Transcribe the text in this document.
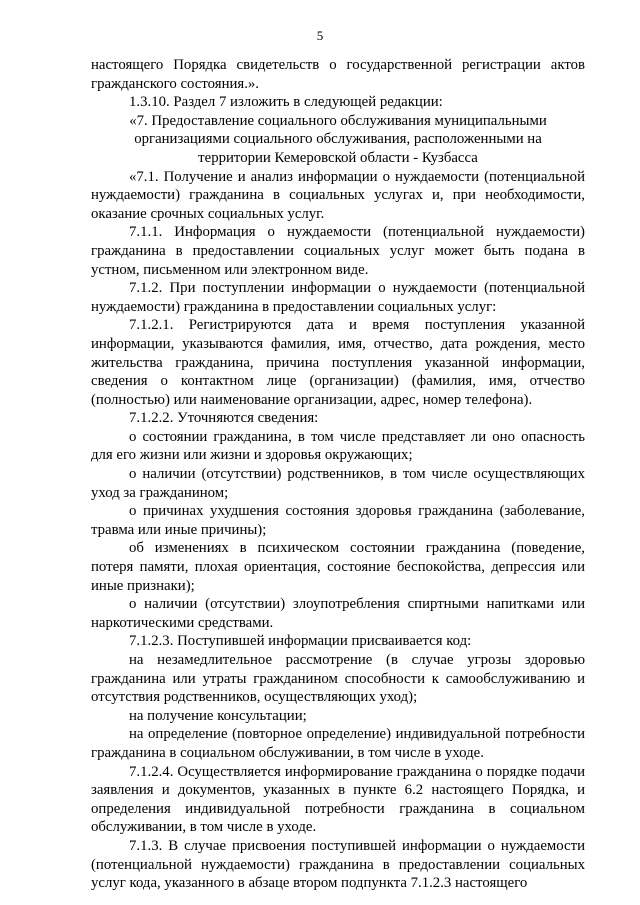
5

настоящего Порядка свидетельств о государственной регистрации актов гражданского состояния.».

1.3.10. Раздел 7 изложить в следующей редакции:

«7. Предоставление социального обслуживания муниципальными организациями социального обслуживания, расположенными на территории Кемеровской области - Кузбасса

«7.1. Получение и анализ информации о нуждаемости (потенциальной нуждаемости) гражданина в социальных услугах и, при необходимости, оказание срочных социальных услуг.

7.1.1. Информация о нуждаемости (потенциальной нуждаемости) гражданина в предоставлении социальных услуг может быть подана в устном, письменном или электронном виде.

7.1.2. При поступлении информации о нуждаемости (потенциальной нуждаемости) гражданина в предоставлении социальных услуг:

7.1.2.1. Регистрируются дата и время поступления указанной информации, указываются фамилия, имя, отчество, дата рождения, место жительства гражданина, причина поступления указанной информации, сведения о контактном лице (организации) (фамилия, имя, отчество (полностью) или наименование организации, адрес, номер телефона).

7.1.2.2. Уточняются сведения:

о состоянии гражданина, в том числе представляет ли оно опасность для его жизни или жизни и здоровья окружающих;

о наличии (отсутствии) родственников, в том числе осуществляющих уход за гражданином;

о причинах ухудшения состояния здоровья гражданина (заболевание, травма или иные причины);

об изменениях в психическом состоянии гражданина (поведение, потеря памяти, плохая ориентация, состояние беспокойства, депрессия или иные признаки);

о наличии (отсутствии) злоупотребления спиртными напитками или наркотическими средствами.

7.1.2.3. Поступившей информации присваивается код:

на незамедлительное рассмотрение (в случае угрозы здоровью гражданина или утраты гражданином способности к самообслуживанию и отсутствия родственников, осуществляющих уход);

на получение консультации;

на определение (повторное определение) индивидуальной потребности гражданина в социальном обслуживании, в том числе в уходе.

7.1.2.4. Осуществляется информирование гражданина о порядке подачи заявления и документов, указанных в пункте 6.2 настоящего Порядка, и определения индивидуальной потребности гражданина в социальном обслуживании, в том числе в уходе.

7.1.3. В случае присвоения поступившей информации о нуждаемости (потенциальной нуждаемости) гражданина в предоставлении социальных услуг кода, указанного в абзаце втором подпункта 7.1.2.3 настоящего
